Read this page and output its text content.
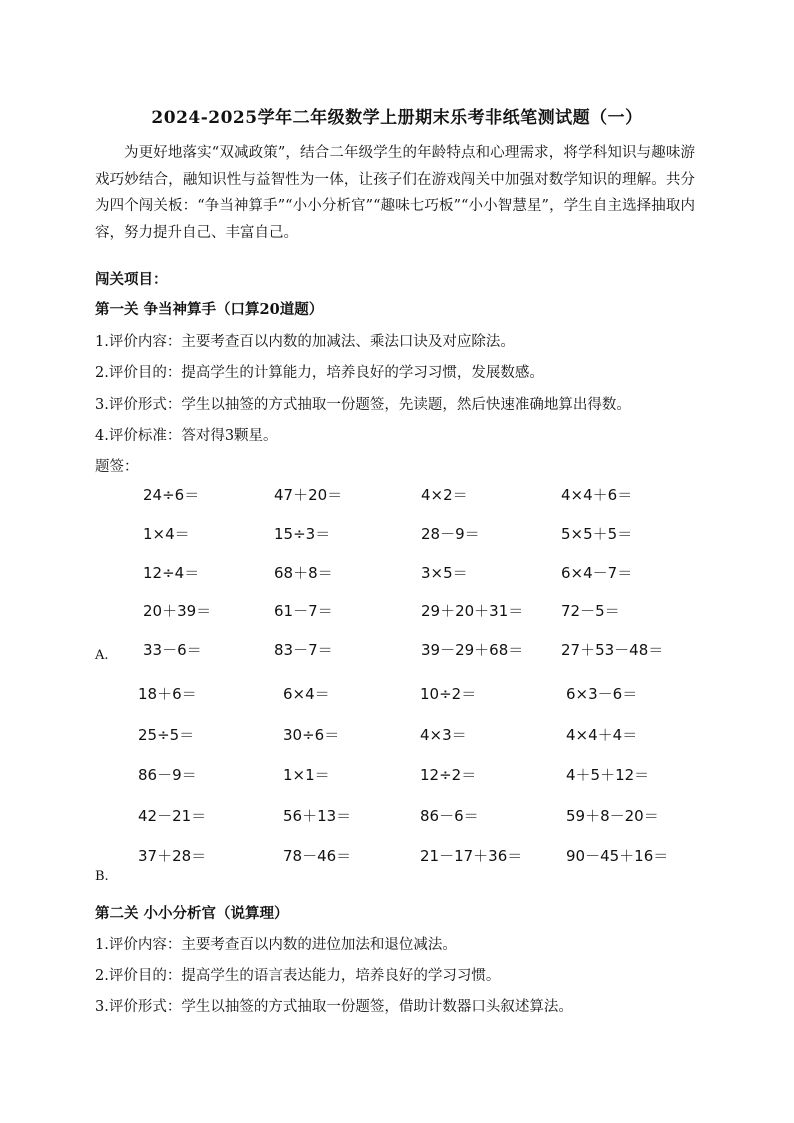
2024-2025学年二年级数学上册期末乐考非纸笔测试题（一）
为更好地落实“双减政策”，结合二年级学生的年龄特点和心理需求，将学科知识与趣味游戏巧妙结合，融知识性与益智性为一体，让孩子们在游戏闯关中加强对数学知识的理解。共分为四个闯关板：“争当神算手”“小小分析官”“趣味七巧板”“小小智慧星”，学生自主选择抽取内容，努力提升自己、丰富自己。
闯关项目：
第一关 争当神算手（口算20道题）
1.评价内容：主要考查百以内数的加减法、乘法口诀及对应除法。
2.评价目的：提高学生的计算能力，培养良好的学习习惯，发展数感。
3.评价形式：学生以抽签的方式抽取一份题签，先读题，然后快速准确地算出得数。
4.评价标准：答对得3颗星。
题签：
24÷6＝	47＋20＝	4×2＝	4×4＋6＝
1×4＝	15÷3＝	28－9＝	5×5＋5＝
12÷4＝	68＋8＝	3×5＝	6×4－7＝
20＋39＝	61－7＝	29＋20＋31＝	72－5＝
33－6＝	83－7＝	39－29＋68＝	27＋53－48＝
A.
18＋6＝	6×4＝	10÷2＝	6×3－6＝
25÷5＝	30÷6＝	4×3＝	4×4＋4＝
86－9＝	1×1＝	12÷2＝	4＋5＋12＝
42－21＝	56＋13＝	86－6＝	59＋8－20＝
37＋28＝	78－46＝	21－17＋36＝	90－45＋16＝
B.
第二关 小小分析官（说算理）
1.评价内容：主要考查百以内数的进位加法和退位减法。
2.评价目的：提高学生的语言表达能力，培养良好的学习习惯。
3.评价形式：学生以抽签的方式抽取一份题签，借助计数器口头叙述算法。
